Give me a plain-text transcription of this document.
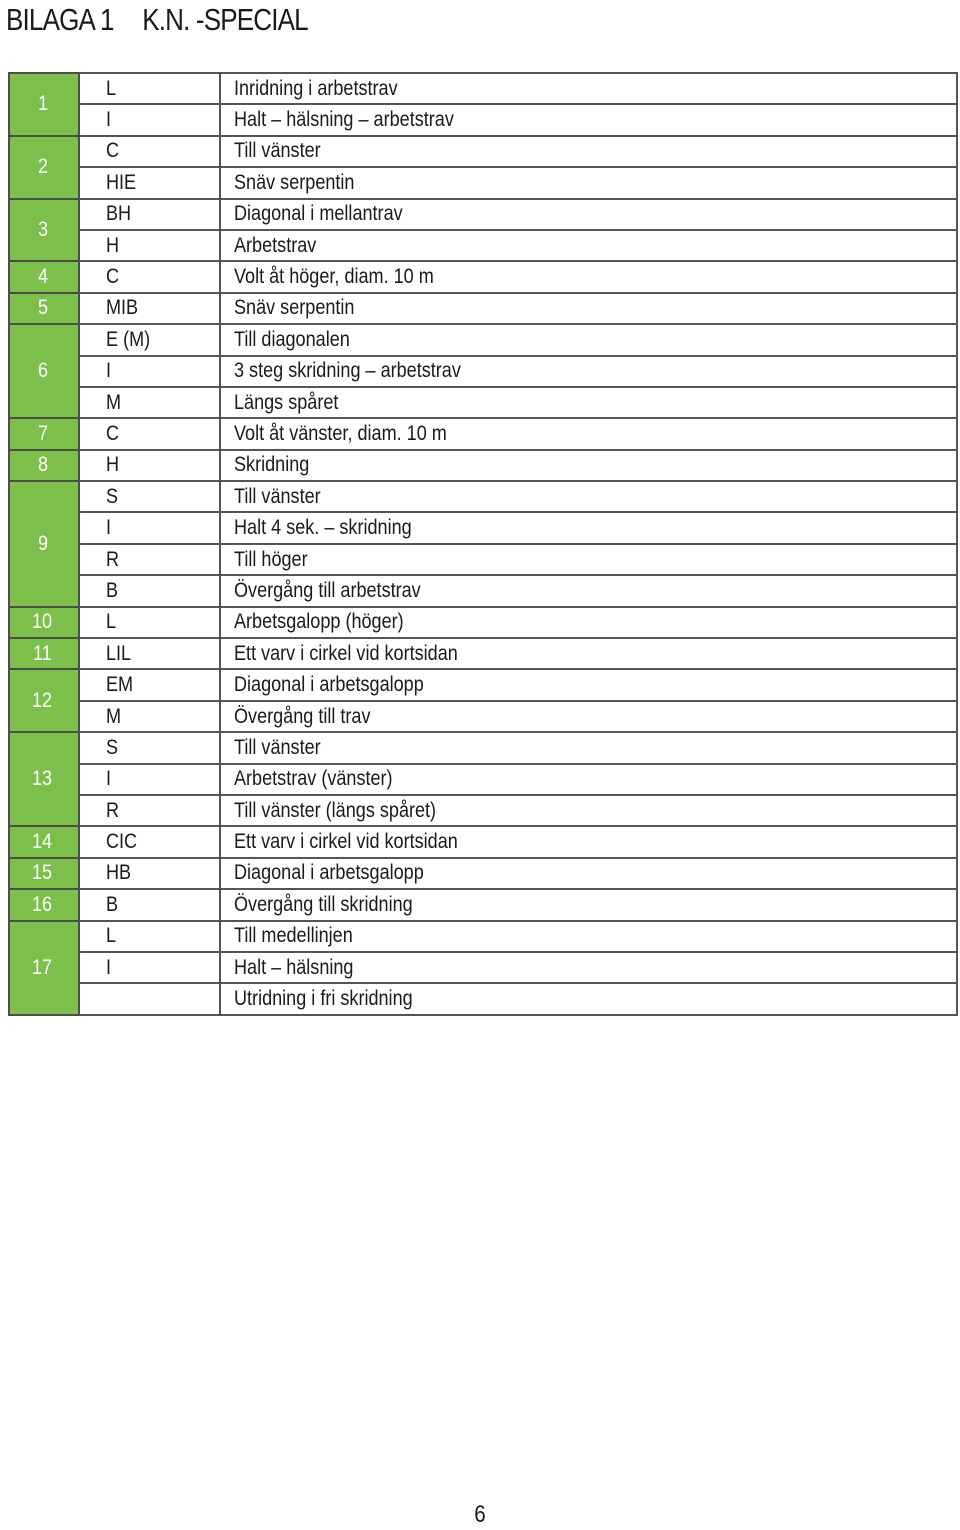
BILAGA 1 K.N. -SPECIAL
1	L	Inridning i arbetstrav
	I	Halt – hälsning – arbetstrav
2	C	Till vänster
	HIE	Snäv serpentin
3	BH	Diagonal i mellantrav
	H	Arbetstrav
4	C	Volt åt höger, diam. 10 m
5	MIB	Snäv serpentin
6	E (M)	Till diagonalen
	I	3 steg skridning – arbetstrav
	M	Längs spåret
7	C	Volt åt vänster, diam. 10 m
8	H	Skridning
9	S	Till vänster
	I	Halt 4 sek. – skridning
	R	Till höger
	B	Övergång till arbetstrav
10	L	Arbetsgalopp (höger)
11	LIL	Ett varv i cirkel vid kortsidan
12	EM	Diagonal i arbetsgalopp
	M	Övergång till trav
13	S	Till vänster
	I	Arbetstrav (vänster)
	R	Till vänster (längs spåret)
14	CIC	Ett varv i cirkel vid kortsidan
15	HB	Diagonal i arbetsgalopp
16	B	Övergång till skridning
17	L	Till medellinjen
	I	Halt – hälsning
		Utridning i fri skridning
6
